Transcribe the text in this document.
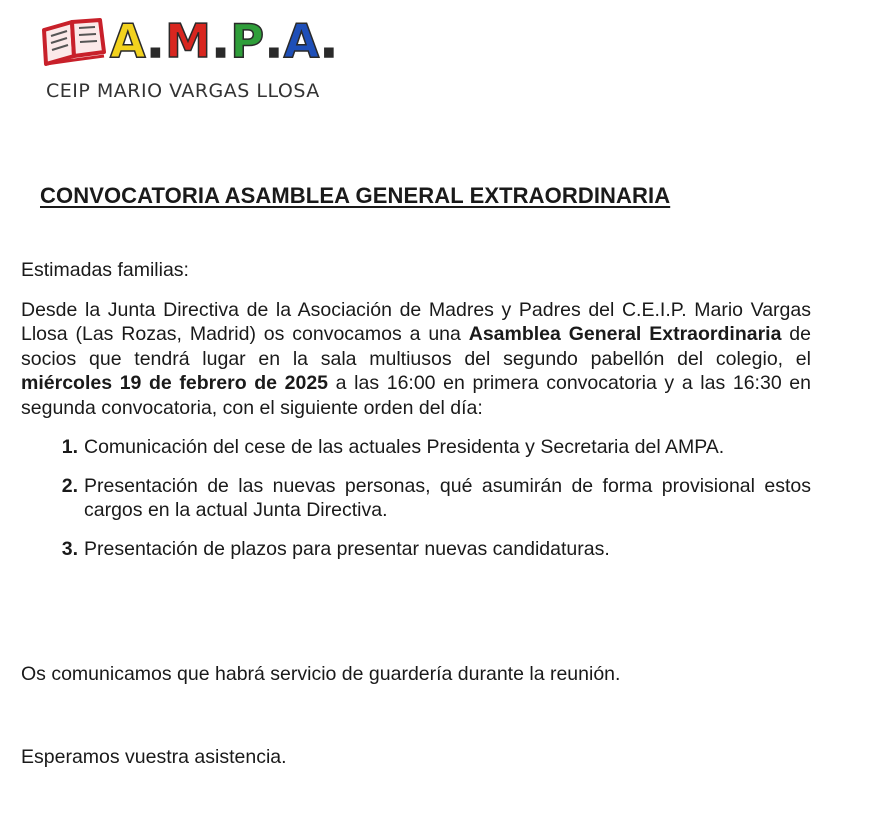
A.M.P.A.
CEIP MARIO VARGAS LLOSA
CONVOCATORIA ASAMBLEA GENERAL EXTRAORDINARIA

Estimadas familias:

Desde la Junta Directiva de la Asociación de Madres y Padres del C.E.I.P. Mario Vargas Llosa (Las Rozas, Madrid) os convocamos a una Asamblea General Extraordinaria de socios que tendrá lugar en la sala multiusos del segundo pabellón del colegio, el miércoles 19 de febrero de 2025 a las 16:00 en primera convocatoria y a las 16:30 en segunda convocatoria, con el siguiente orden del día:

1. Comunicación del cese de las actuales Presidenta y Secretaria del AMPA.
2. Presentación de las nuevas personas, qué asumirán de forma provisional estos cargos en la actual Junta Directiva.
3. Presentación de plazos para presentar nuevas candidaturas.
Os comunicamos que habrá servicio de guardería durante la reunión.
Esperamos vuestra asistencia.
